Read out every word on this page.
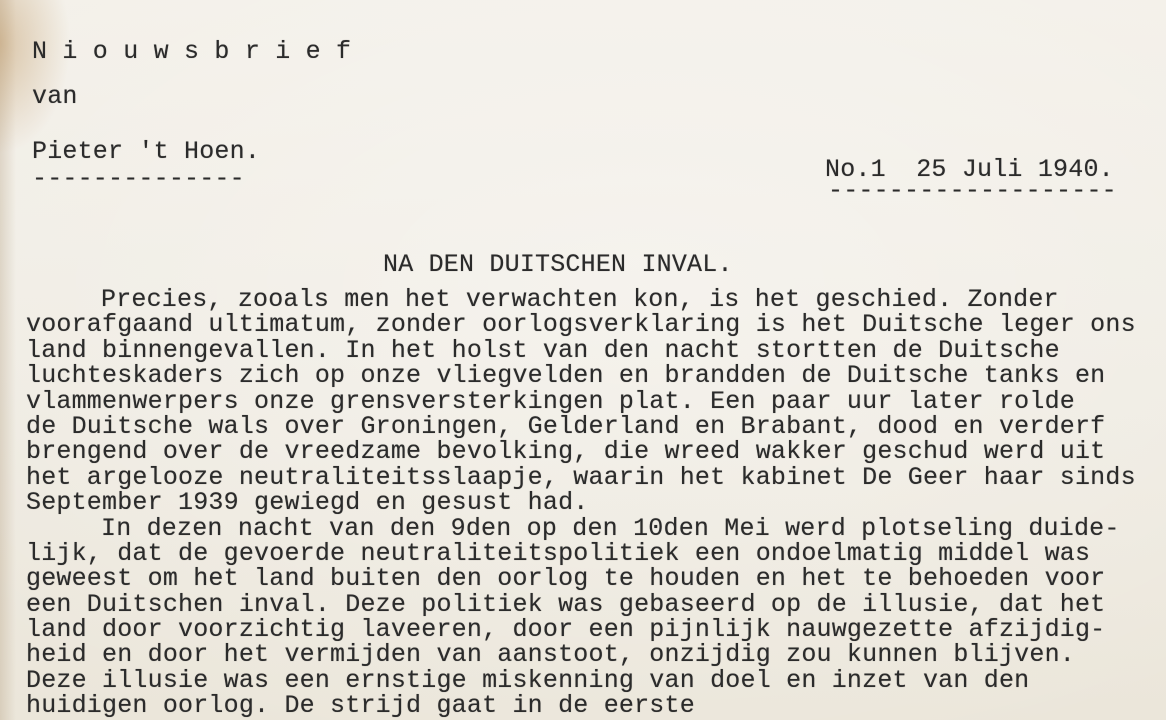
N i o u w s b r i e f
van
Pieter 't Hoen.
--------------	No.1  25 Juli 1940.
-------------------
NA DEN DUITSCHEN INVAL.
Precies, zooals men het verwachten kon, is het geschied. Zonder
voorafgaand ultimatum, zonder oorlogsverklaring is het Duitsche leger ons
land binnengevallen. In het holst van den nacht stortten de Duitsche
luchteskaders zich op onze vliegvelden en brandden de Duitsche tanks en
vlammenwerpers onze grensversterkingen plat. Een paar uur later rolde
de Duitsche wals over Groningen, Gelderland en Brabant, dood en verderf
brengend over de vreedzame bevolking, die wreed wakker geschud werd uit
het argelooze neutraliteitsslaapje, waarin het kabinet De Geer haar sinds
September 1939 gewiegd en gesust had.
In dezen nacht van den 9den op den 10den Mei werd plotseling duide-
lijk, dat de gevoerde neutraliteitspolitiek een ondoelmatig middel was
geweest om het land buiten den oorlog te houden en het te behoeden voor
een Duitschen inval. Deze politiek was gebaseerd op de illusie, dat het
land door voorzichtig laveeren, door een pijnlijk nauwgezette afzijdig-
heid en door het vermijden van aanstoot, onzijdig zou kunnen blijven.
Deze illusie was een ernstige miskenning van doel en inzet van den
huidigen oorlog. De strijd gaat in de eerste
